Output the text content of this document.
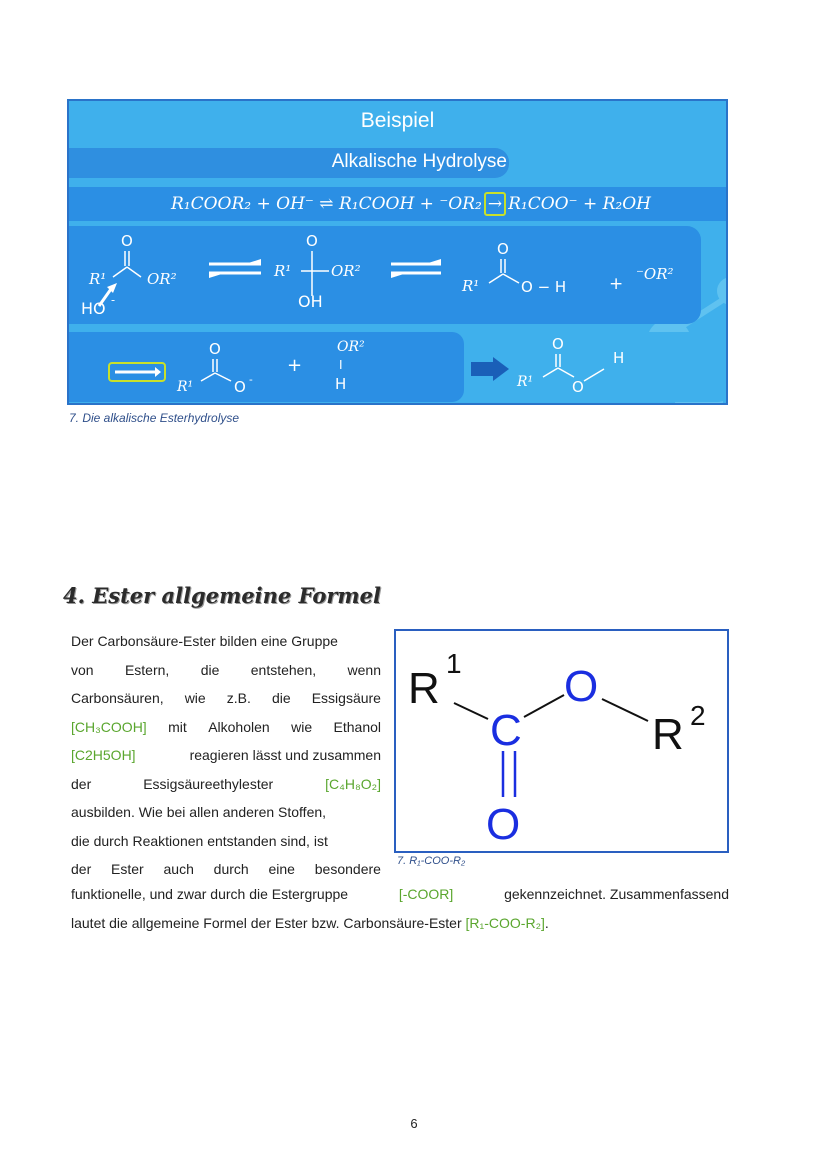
Beispiel
Alkalische Hydrolyse
R₁COOR₂ + OH⁻ ⇌ R₁COOH + ⁻OR₂ → R₁COO⁻ + R₂OH
O
R¹	OR²
HO -
O
R¹	OR²
OH
O
R¹	O − H	+ ⁻OR²
O
R¹	O -
+
OR²
I
H
O
R¹	O
H
7. Die alkalische Esterhydrolyse
4. Ester allgemeine Formel
Der Carbonsäure-Ester bilden eine Gruppe
von Estern, die entstehen, wenn
Carbonsäuren, wie z.B. die Essigsäure
[CH₃COOH] mit Alkoholen wie Ethanol
[C2H5OH]	reagieren lässt und zusammen
der	Essigsäureethylester	[C₄H₈O₂]
ausbilden. Wie bei allen anderen Stoffen,
die durch Reaktionen entstanden sind, ist
der Ester auch durch eine besondere
funktionelle, und zwar durch die Estergruppe	[-COOR]	gekennzeichnet. Zusammenfassend
lautet die allgemeine Formel der Ester bzw. Carbonsäure-Ester [R₁-COO-R₂].
R
1
C
O
R 2
O
7. R₁-COO-R₂
6
